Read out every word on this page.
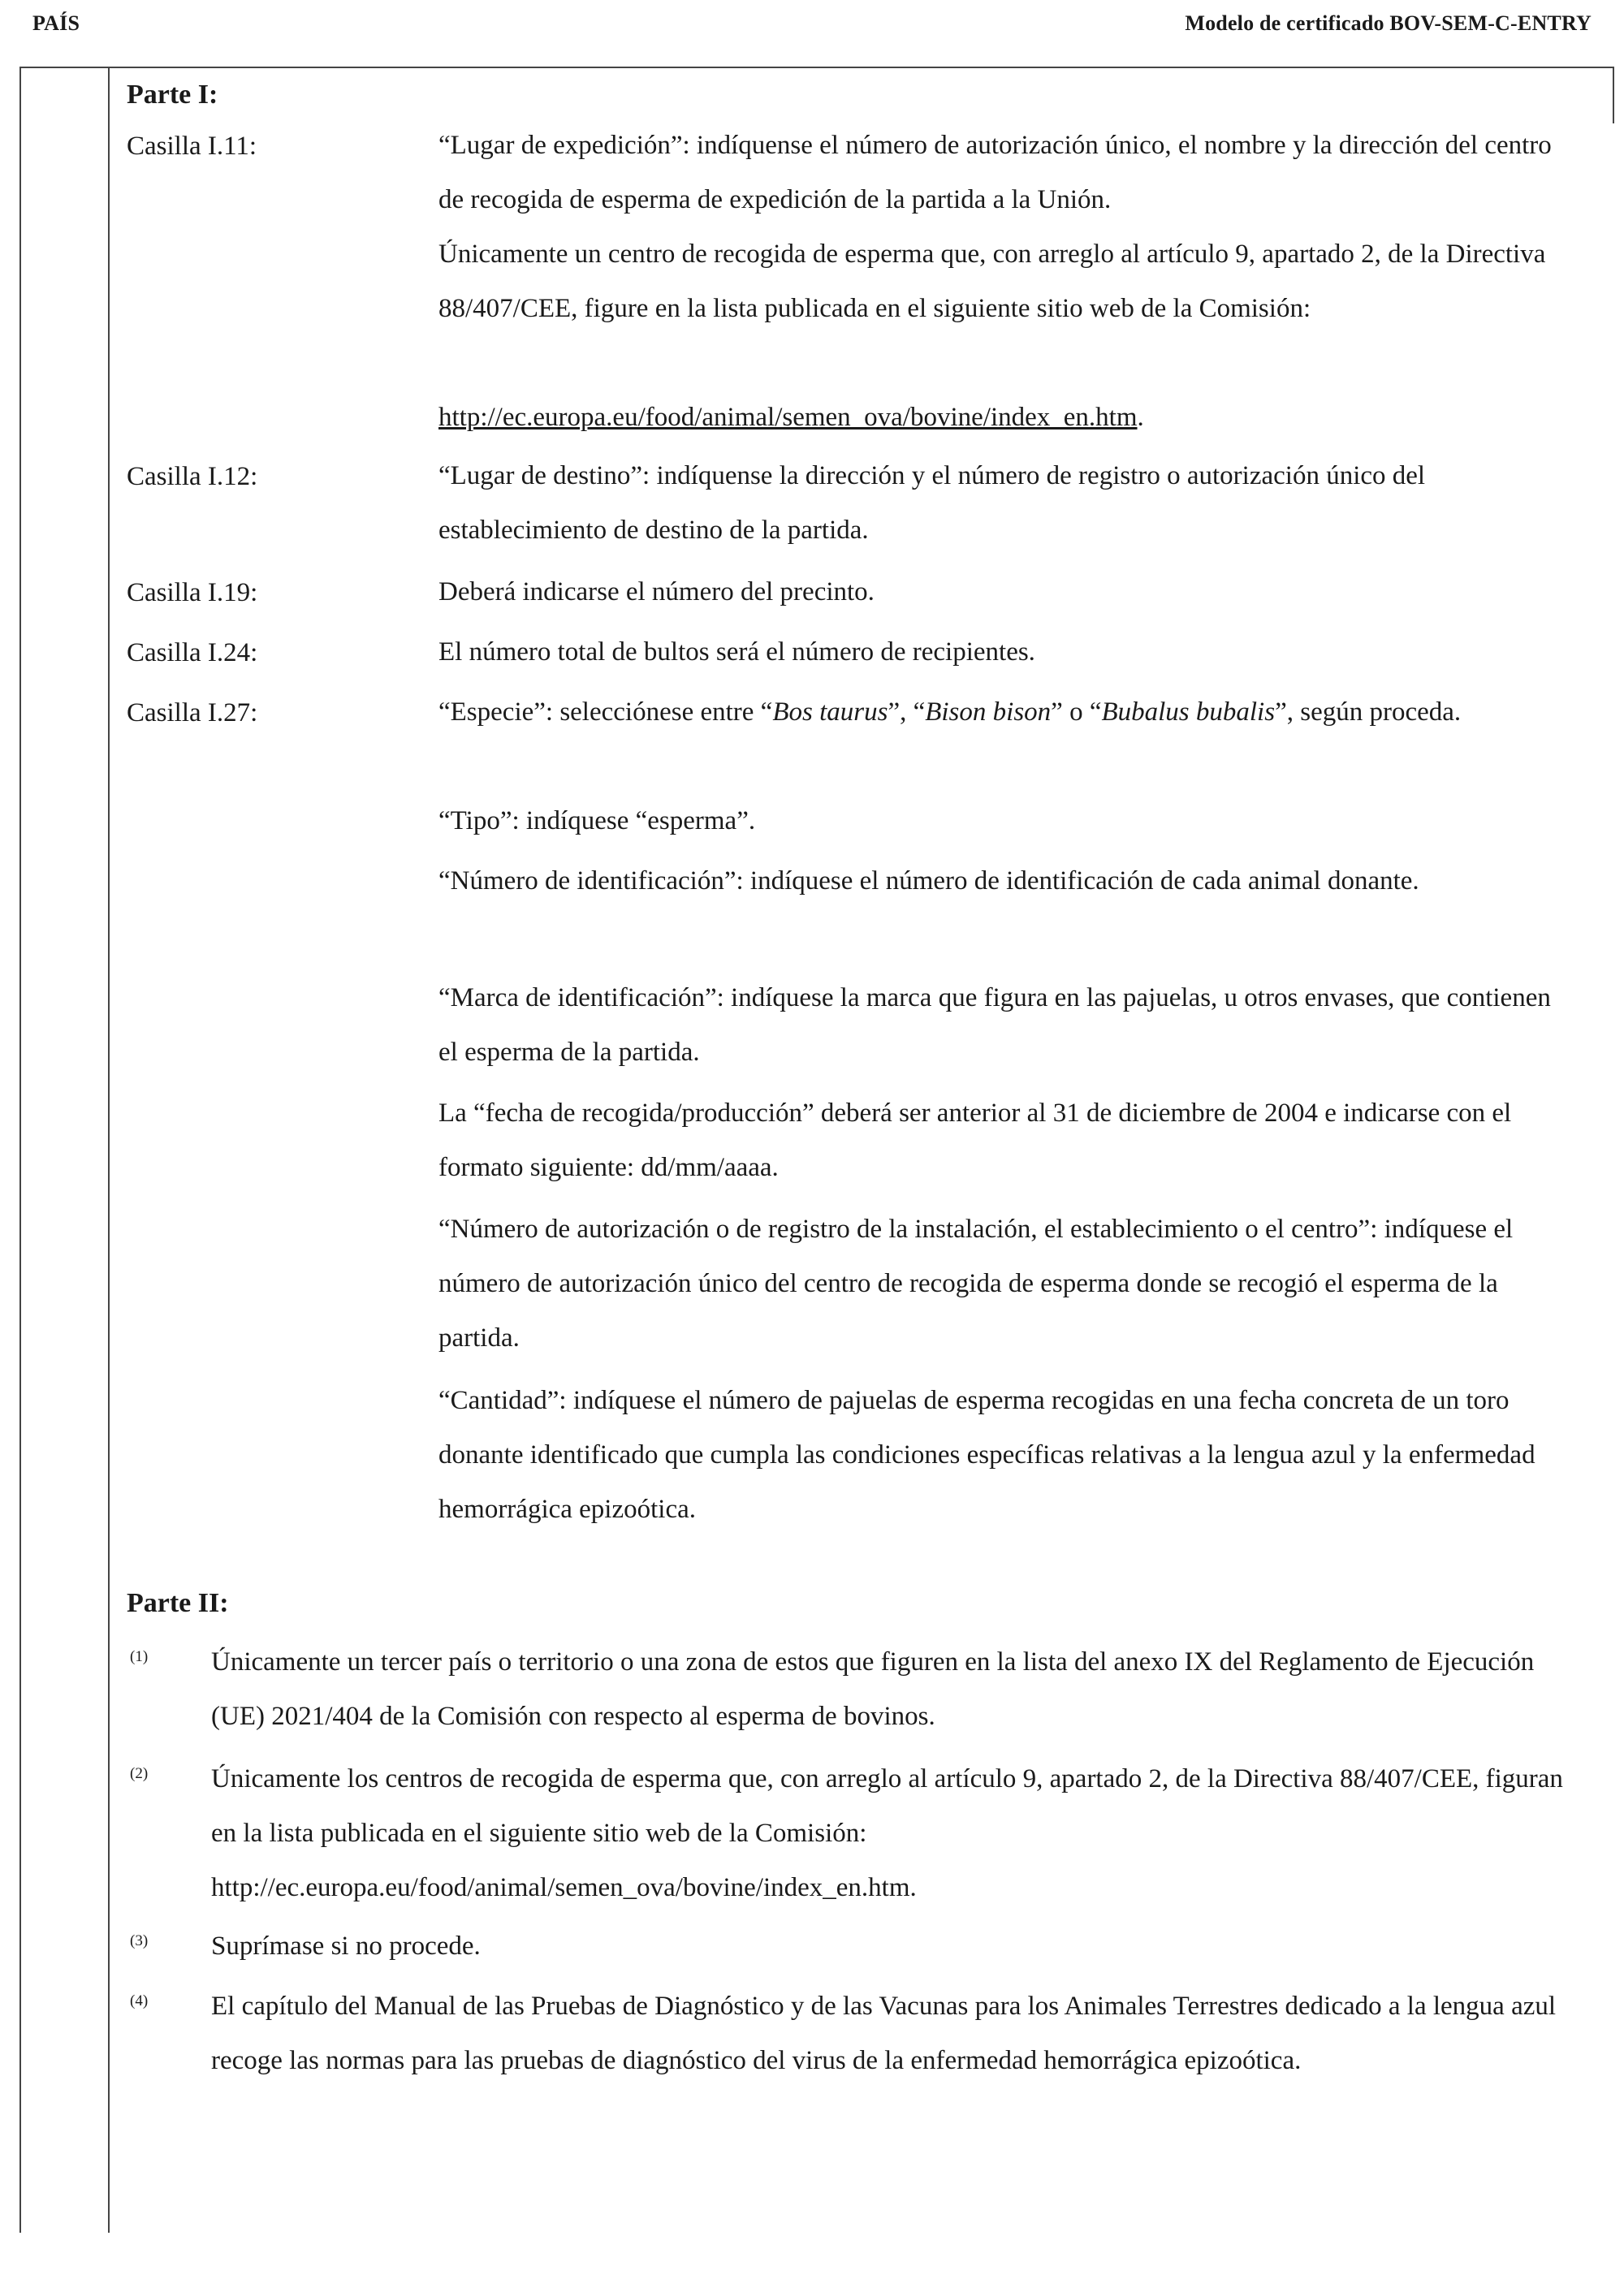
PAÍS	Modelo de certificado BOV-SEM-C-ENTRY
Parte I:
Casilla I.11:	“Lugar de expedición”: indíquense el número de autorización único, el nombre y la dirección del centro de recogida de esperma de expedición de la partida a la Unión.

Únicamente un centro de recogida de esperma que, con arreglo al artículo 9, apartado 2, de la Directiva 88/407/CEE, figure en la lista publicada en el siguiente sitio web de la Comisión:

http://ec.europa.eu/food/animal/semen_ova/bovine/index_en.htm.

Casilla I.12:	“Lugar de destino”: indíquense la dirección y el número de registro o autorización único del establecimiento de destino de la partida.

Casilla I.19:	Deberá indicarse el número del precinto.

Casilla I.24:	El número total de bultos será el número de recipientes.

Casilla I.27:	“Especie”: selecciónese entre “Bos taurus”, “Bison bison” o “Bubalus bubalis”, según proceda.

“Tipo”: indíquese “esperma”.

“Número de identificación”: indíquese el número de identificación de cada animal donante.

“Marca de identificación”: indíquese la marca que figura en las pajuelas, u otros envases, que contienen el esperma de la partida.

La “fecha de recogida/producción” deberá ser anterior al 31 de diciembre de 2004 e indicarse con el formato siguiente: dd/mm/aaaa.

“Número de autorización o de registro de la instalación, el establecimiento o el centro”: indíquese el número de autorización único del centro de recogida de esperma donde se recogió el esperma de la partida.

“Cantidad”: indíquese el número de pajuelas de esperma recogidas en una fecha concreta de un toro donante identificado que cumpla las condiciones específicas relativas a la lengua azul y la enfermedad hemorrágica epizoótica.

Parte II:
(1) Únicamente un tercer país o territorio o una zona de estos que figuren en la lista del anexo IX del Reglamento de Ejecución (UE) 2021/404 de la Comisión con respecto al esperma de bovinos.

(2) Únicamente los centros de recogida de esperma que, con arreglo al artículo 9, apartado 2, de la Directiva 88/407/CEE, figuran en la lista publicada en el siguiente sitio web de la Comisión:

http://ec.europa.eu/food/animal/semen_ova/bovine/index_en.htm.

(3) Suprímase si no procede.

(4) El capítulo del Manual de las Pruebas de Diagnóstico y de las Vacunas para los Animales Terrestres dedicado a la lengua azul recoge las normas para las pruebas de diagnóstico del virus de la enfermedad hemorrágica epizoótica.
